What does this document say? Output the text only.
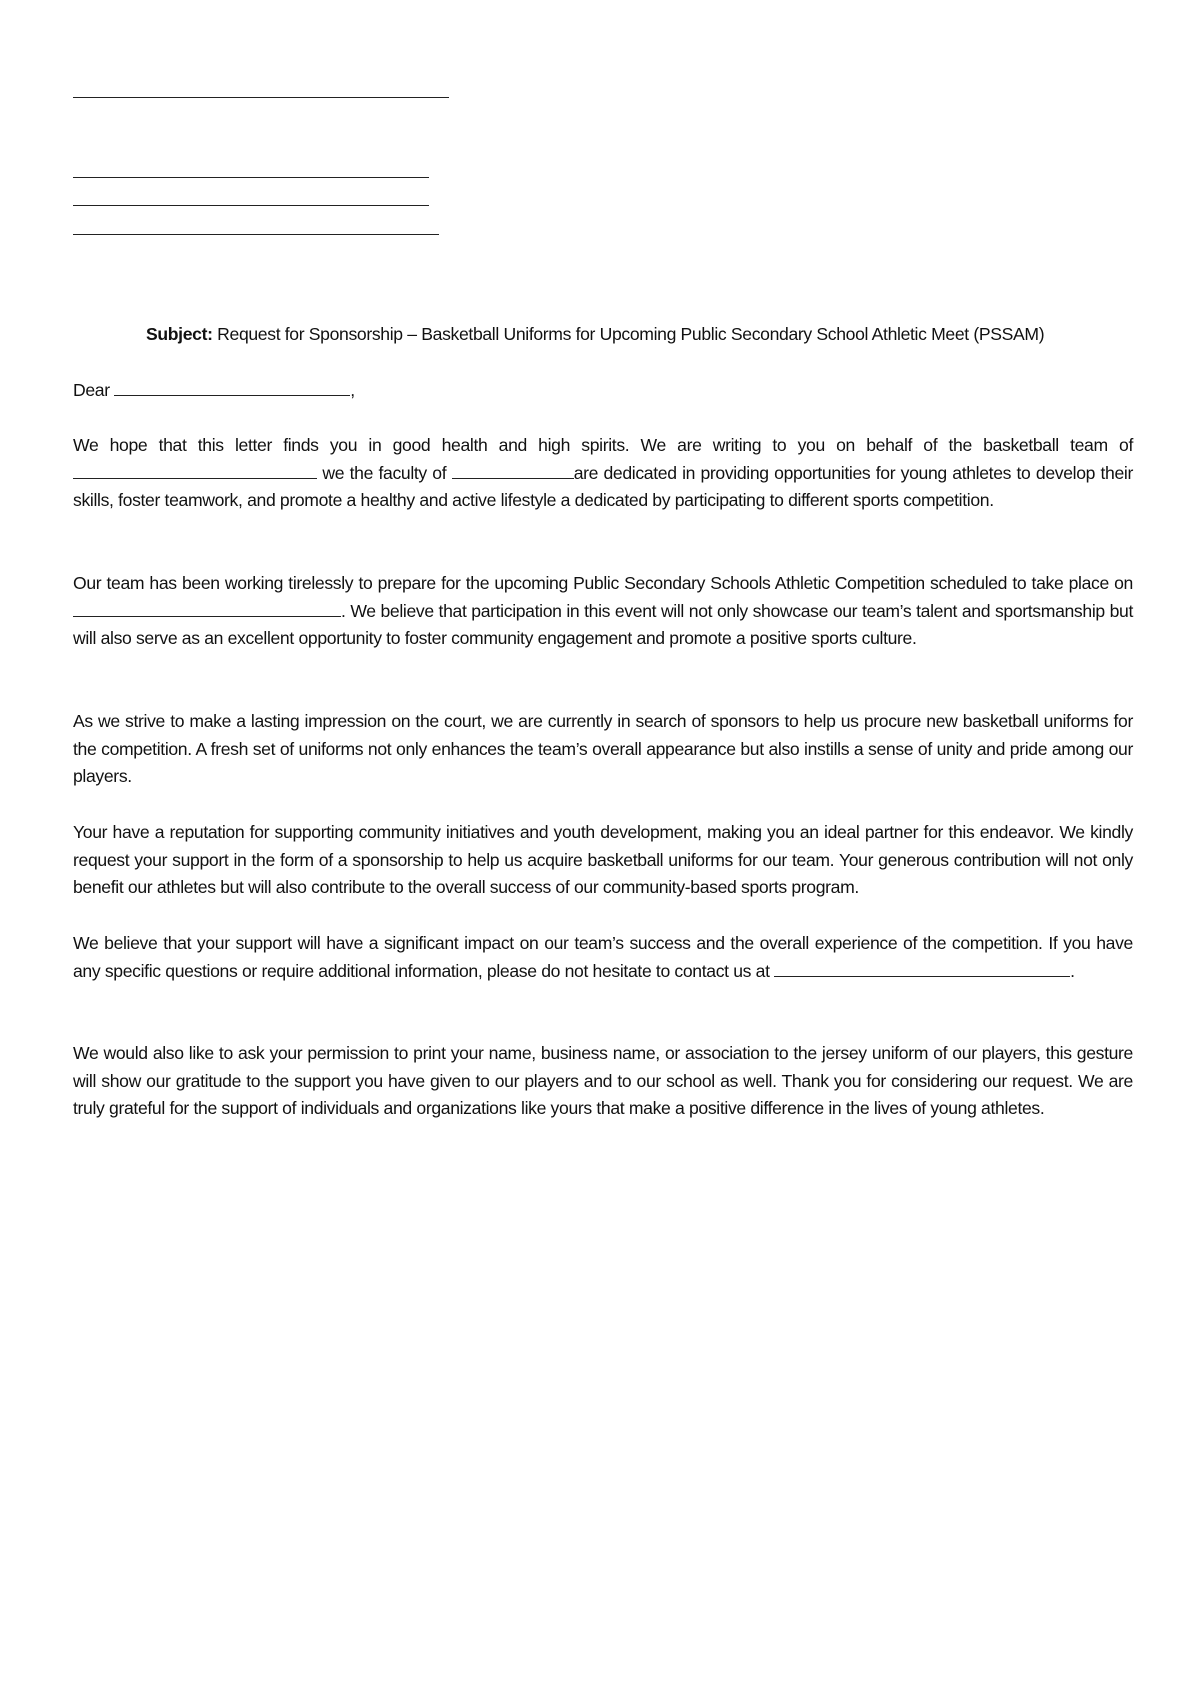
Subject: Request for Sponsorship – Basketball Uniforms for Upcoming Public Secondary School Athletic Meet (PSSAM)
Dear	,
We hope that this letter finds you in good health and high spirits. We are writing to you on behalf of the basketball team of  we the faculty of	are dedicated in providing opportunities for young athletes to develop their skills, foster teamwork, and promote a healthy and active lifestyle a dedicated by participating to different sports competition.
Our team has been working tirelessly to prepare for the upcoming Public Secondary Schools Athletic Competition scheduled to take place on . We believe that participation in this event will not only showcase our team’s talent and sportsmanship but will also serve as an excellent opportunity to foster community engagement and promote a positive sports culture.
As we strive to make a lasting impression on the court, we are currently in search of sponsors to help us procure new basketball uniforms for the competition. A fresh set of uniforms not only enhances the team’s overall appearance but also instills a sense of unity and pride among our players.
Your have a reputation for supporting community initiatives and youth development, making you an ideal partner for this endeavor. We kindly request your support in the form of a sponsorship to help us acquire basketball uniforms for our team. Your generous contribution will not only benefit our athletes but will also contribute to the overall success of our community-based sports program.
We believe that your support will have a significant impact on our team’s success and the overall experience of the competition. If you have any specific questions or require additional information, please do not hesitate to contact us at	.
We would also like to ask your permission to print your name, business name, or association to the jersey uniform of our players, this gesture will show our gratitude to the support you have given to our players and to our school as well. Thank you for considering our request. We are truly grateful for the support of individuals and organizations like yours that make a positive difference in the lives of young athletes.
